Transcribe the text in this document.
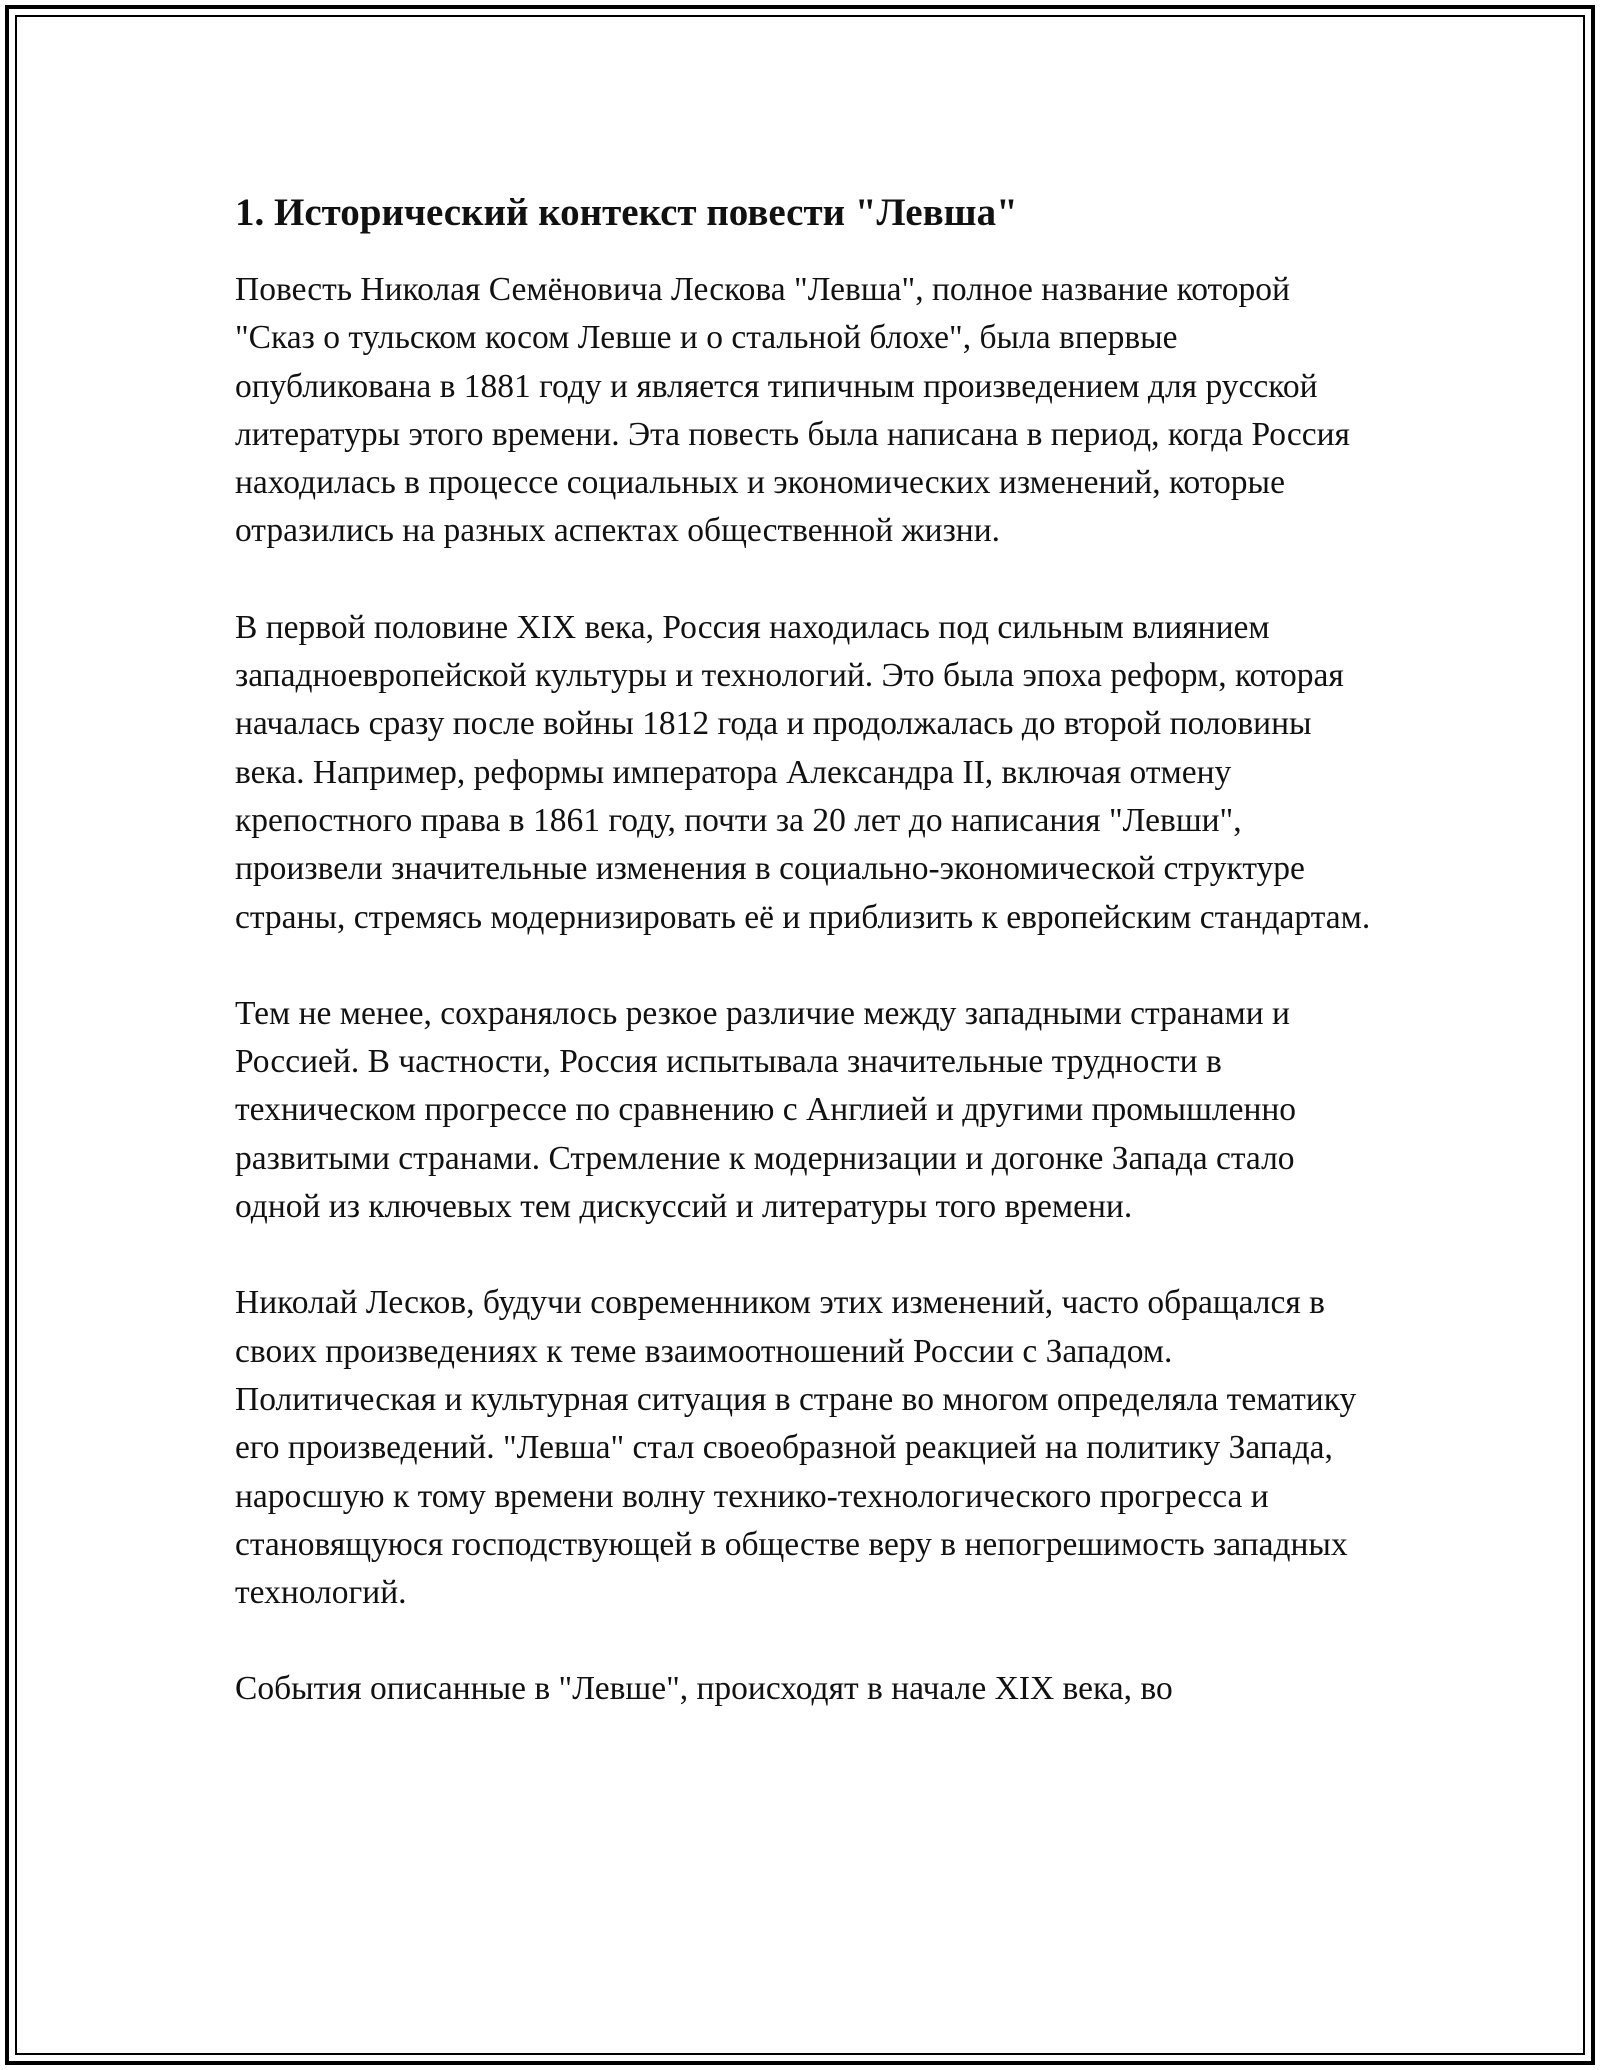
1. Исторический контекст повести "Левша"

Повесть Николая Семёновича Лескова "Левша", полное название которой "Сказ о тульском косом Левше и о стальной блохе", была впервые опубликована в 1881 году и является типичным произведением для русской литературы этого времени. Эта повесть была написана в период, когда Россия находилась в процессе социальных и экономических изменений, которые отразились на разных аспектах общественной жизни.

В первой половине XIX века, Россия находилась под сильным влиянием западноевропейской культуры и технологий. Это была эпоха реформ, которая началась сразу после войны 1812 года и продолжалась до второй половины века. Например, реформы императора Александра II, включая отмену крепостного права в 1861 году, почти за 20 лет до написания "Левши", произвели значительные изменения в социально-экономической структуре страны, стремясь модернизировать её и приблизить к европейским стандартам.

Тем не менее, сохранялось резкое различие между западными странами и Россией. В частности, Россия испытывала значительные трудности в техническом прогрессе по сравнению с Англией и другими промышленно развитыми странами. Стремление к модернизации и догонке Запада стало одной из ключевых тем дискуссий и литературы того времени.

Николай Лесков, будучи современником этих изменений, часто обращался в своих произведениях к теме взаимоотношений России с Западом. Политическая и культурная ситуация в стране во многом определяла тематику его произведений. "Левша" стал своеобразной реакцией на политику Запада, наросшую к тому времени волну технико-технологического прогресса и становящуюся господствующей в обществе веру в непогрешимость западных технологий.

События описанные в "Левше", происходят в начале XIX века, во
